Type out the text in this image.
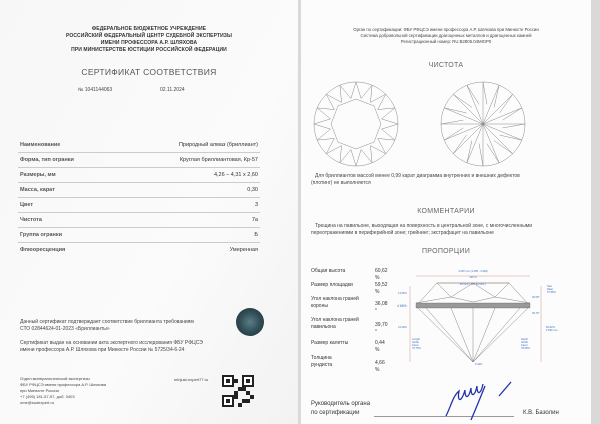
ФЕДЕРАЛЬНОЕ БЮДЖЕТНОЕ УЧРЕЖДЕНИЕ
РОССИЙСКИЙ ФЕДЕРАЛЬНЫЙ ЦЕНТР СУДЕБНОЙ ЭКСПЕРТИЗЫ
ИМЕНИ ПРОФЕССОРА А.Р. ШЛЯХОВА
ПРИ МИНИСТЕРСТВЕ ЮСТИЦИИ РОССИЙСКОЙ ФЕДЕРАЦИИ
СЕРТИФИКАТ СООТВЕТСТВИЯ
№ 1041144063	02.11.2024
Наименование	Природный алмаз (бриллиант)
Форма, тип огранки	Круглая бриллиантовая, Кр-57
Размеры, мм	4,26 – 4,31 x 2,60
Масса, карат	0,30
Цвет	3
Чистота	7а
Группа огранки	Б
Флюоресценция	Умеренная
Данный сертификат подтверждает соответствие бриллианта требованиям
СТО 02844624-01-2023 «Бриллианты»
Сертификат выдан на основании акта экспертного исследования ФБУ РФЦСЭ
имени профессора А.Р. Шляхова при Минюсте России № 5725/34-6-24
Отдел минералогической экспертизы
ФБУ РФЦСЭ имени профессора А.Р. Шляхова
при Минюсте России
+7 (495) 181-57-57, доб. 3403
ome@sudexpert.ru
minjust-expert77.ru
Орган по сертификации: ФБУ РФЦСЭ имени профессора А.Р. Шляхова при Минюсте России
Система добровольной сертификации драгоценных металлов и драгоценных камней
Регистрационный номер: RU.B2805.04МЮР0
ЧИСТОТА
Для бриллиантов массой менее 0,99 карат диаграмма внутренних и внешних дефектов
(плотинг) не выполняется
КОММЕНТАРИИ
Трещина на павильоне, выходящая на поверхность в центральной зоне, с многочисленными
переотражениями в периферийной зоне; грейнинг; экстрафацет на павильоне
ПРОПОРЦИИ
Общая высота	60,62 %
Размер площадки	59,52 %
Угол наклона граней короны	36,08 °
Угол наклона граней павильона	39,70 °
Размер калетты	0,44 %
Толщина рундиста	4,66 %
4.287 mm (4.258 - 4.309)
100 %
59.52% ( min 59.04% )
14.66%
4.66%
41.29%
Length
Girdle
Facet
76.75%
Star
Ratio
57.58%
36.08°
39.70°
60.62%
2.599 mm
Depth
Girdle
Facet
78.08%
0.44%
Руководитель органа
по сертификации	К.В. Базолин
